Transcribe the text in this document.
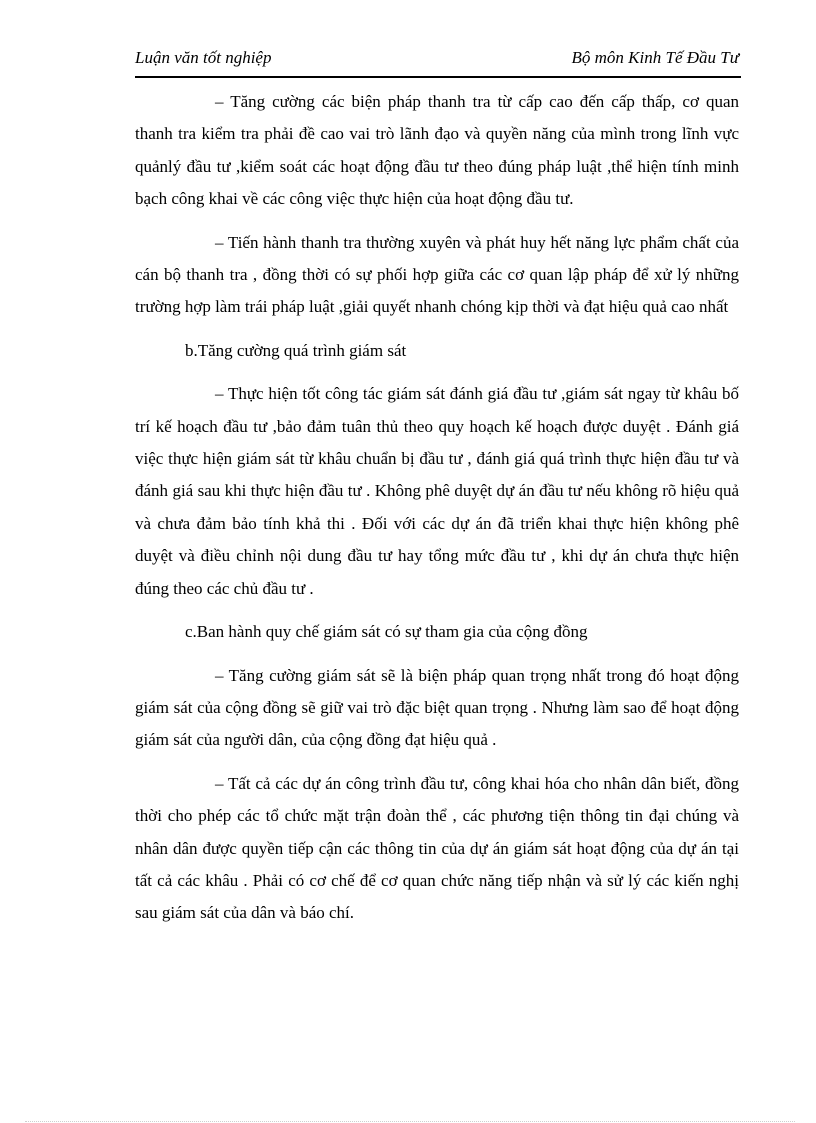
Luận văn tốt nghiệp	Bộ môn Kinh Tế Đầu Tư

– Tăng cường các biện pháp thanh tra từ cấp cao đến cấp thấp, cơ quan thanh tra kiểm tra phải đề cao vai trò lãnh đạo và quyền năng của mình trong lĩnh vực quảnlý đầu tư ,kiểm soát các hoạt động đầu tư theo đúng pháp luật ,thể hiện tính minh bạch công khai về các công việc thực hiện của hoạt động đầu tư.

– Tiến hành thanh tra thường xuyên và phát huy hết năng lực phẩm chất của cán bộ thanh tra , đồng thời có sự phối hợp giữa các cơ quan lập pháp để xử lý những trường hợp làm trái pháp luật ,giải quyết nhanh chóng kịp thời và đạt hiệu quả cao nhất

b.Tăng cường quá trình giám sát

– Thực hiện tốt công tác giám sát đánh giá đầu tư ,giám sát ngay từ khâu bố trí kế hoạch đầu tư ,bảo đảm tuân thủ theo quy hoạch kế hoạch được duyệt . Đánh giá việc thực hiện giám sát từ khâu chuẩn bị đầu tư , đánh giá quá trình thực hiện đầu tư và đánh giá sau khi thực hiện đầu tư . Không phê duyệt dự án đầu tư nếu không rõ hiệu quả và chưa đảm bảo tính khả thi . Đối với các dự án đã triển khai thực hiện không phê duyệt và điều chỉnh nội dung đầu tư hay tổng mức đầu tư , khi dự án chưa thực hiện đúng theo các chủ đầu tư .

c.Ban hành quy chế giám sát có sự tham gia của cộng đồng

– Tăng cường giám sát sẽ là biện pháp quan trọng nhất trong đó hoạt động giám sát của cộng đồng sẽ giữ vai trò đặc biệt quan trọng . Nhưng làm sao để hoạt động giám sát của người dân, của cộng đồng đạt hiệu quả .

– Tất cả các dự án công trình đầu tư, công khai hóa cho nhân dân biết, đồng thời cho phép các tổ chức mặt trận đoàn thể , các phương tiện thông tin đại chúng và nhân dân được quyền tiếp cận các thông tin của dự án giám sát hoạt động của dự án tại tất cả các khâu . Phải có cơ chế để cơ quan chức năng tiếp nhận và sử lý các kiến nghị sau giám sát của dân và báo chí.
